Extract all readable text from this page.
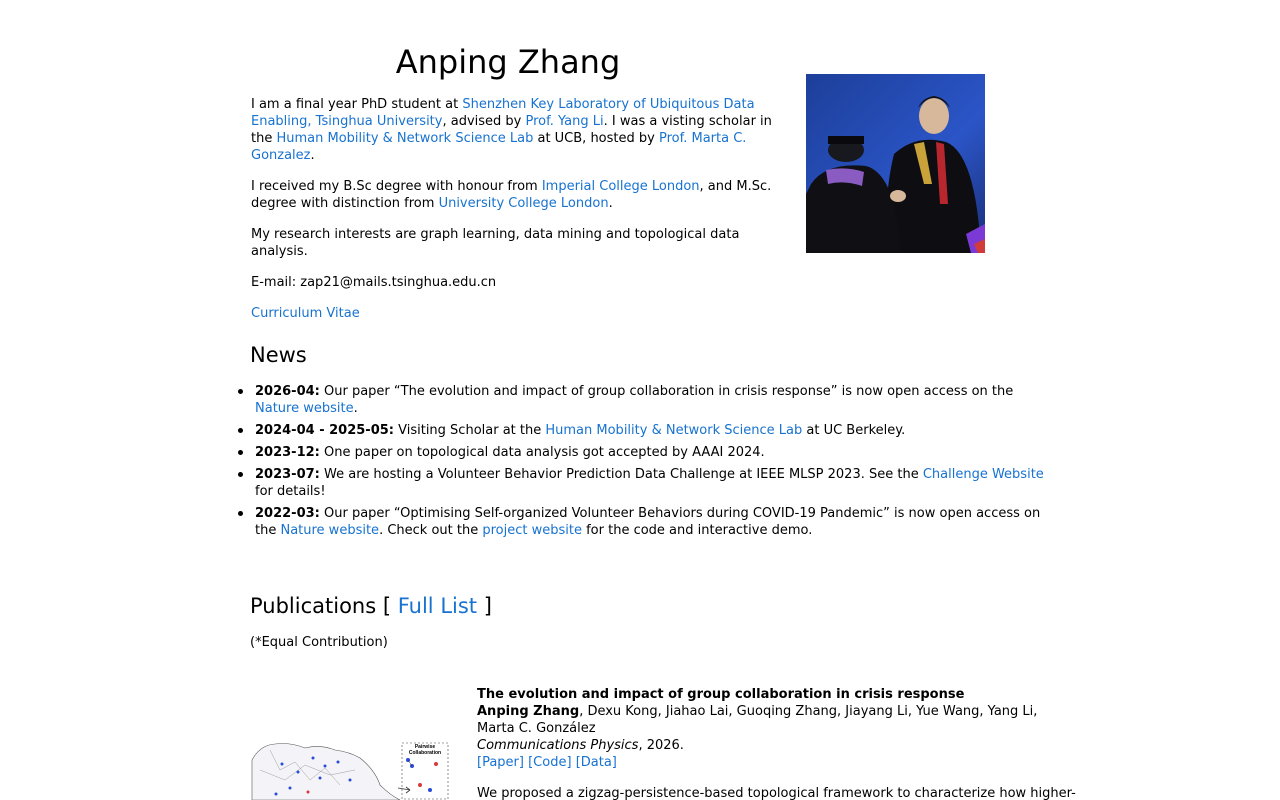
Anping Zhang

I am a final year PhD student at Shenzhen Key Laboratory of Ubiquitous Data Enabling, Tsinghua University, advised by Prof. Yang Li. I was a visting scholar in the Human Mobility & Network Science Lab at UCB, hosted by Prof. Marta C. Gonzalez.

I received my B.Sc degree with honour from Imperial College London, and M.Sc. degree with distinction from University College London.

My research interests are graph learning, data mining and topological data analysis.

E-mail: zap21@mails.tsinghua.edu.cn

Curriculum Vitae

News
2026-04: Our paper “The evolution and impact of group collaboration in crisis response” is now open access on the Nature website.
2024-04 - 2025-05: Visiting Scholar at the Human Mobility & Network Science Lab at UC Berkeley.
2023-12: One paper on topological data analysis got accepted by AAAI 2024.
2023-07: We are hosting a Volunteer Behavior Prediction Data Challenge at IEEE MLSP 2023. See the Challenge Website for details!
2022-03: Our paper “Optimising Self-organized Volunteer Behaviors during COVID-19 Pandemic” is now open access on the Nature website. Check out the project website for the code and interactive demo.
Publications [ Full List ]
(*Equal Contribution)
Pairwise
Collaboration
The evolution and impact of group collaboration in crisis response
Anping Zhang, Dexu Kong, Jiahao Lai, Guoqing Zhang, Jiayang Li, Yue Wang, Yang Li, Marta C. González
Communications Physics, 2026.
[Paper] [Code] [Data]
We proposed a zigzag-persistence-based topological framework to characterize how higher-
